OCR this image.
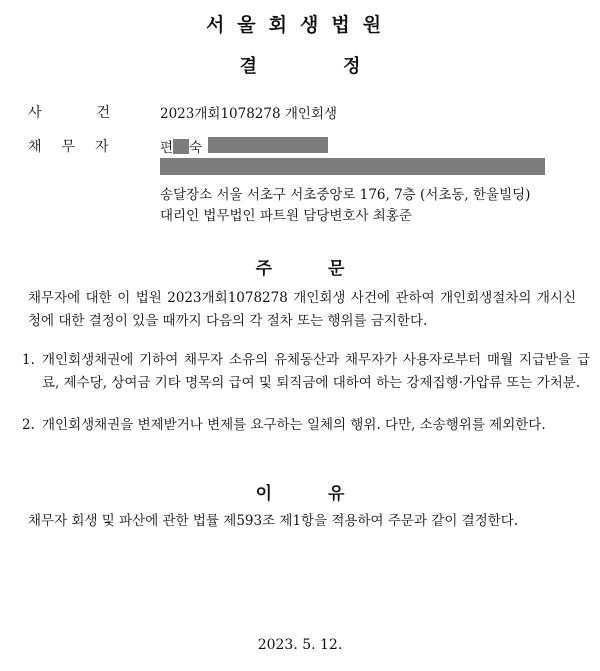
서울회생법원
결	정
사	건	2023개회1078278 개인회생
채 무 자	편 숙
송달장소 서울 서초구 서초중앙로 176, 7층 (서초동, 한울빌딩)
대리인 법무법인 파트원 담당변호사 최홍준
주	문
채무자에 대한 이 법원 2023개회1078278 개인회생 사건에 관하여 개인회생절차의 개시신청에 대한 결정이 있을 때까지 다음의 각 절차 또는 행위를 금지한다.
1. 개인회생채권에 기하여 채무자 소유의 유체동산과 채무자가 사용자로부터 매월 지급받을 급료, 제수당, 상여금 기타 명목의 급여 및 퇴직금에 대하여 하는 강제집행·가압류 또는 가처분.
2. 개인회생채권을 변제받거나 변제를 요구하는 일체의 행위. 다만, 소송행위를 제외한다.
이	유
채무자 회생 및 파산에 관한 법률 제593조 제1항을 적용하여 주문과 같이 결정한다.
2023. 5. 12.
